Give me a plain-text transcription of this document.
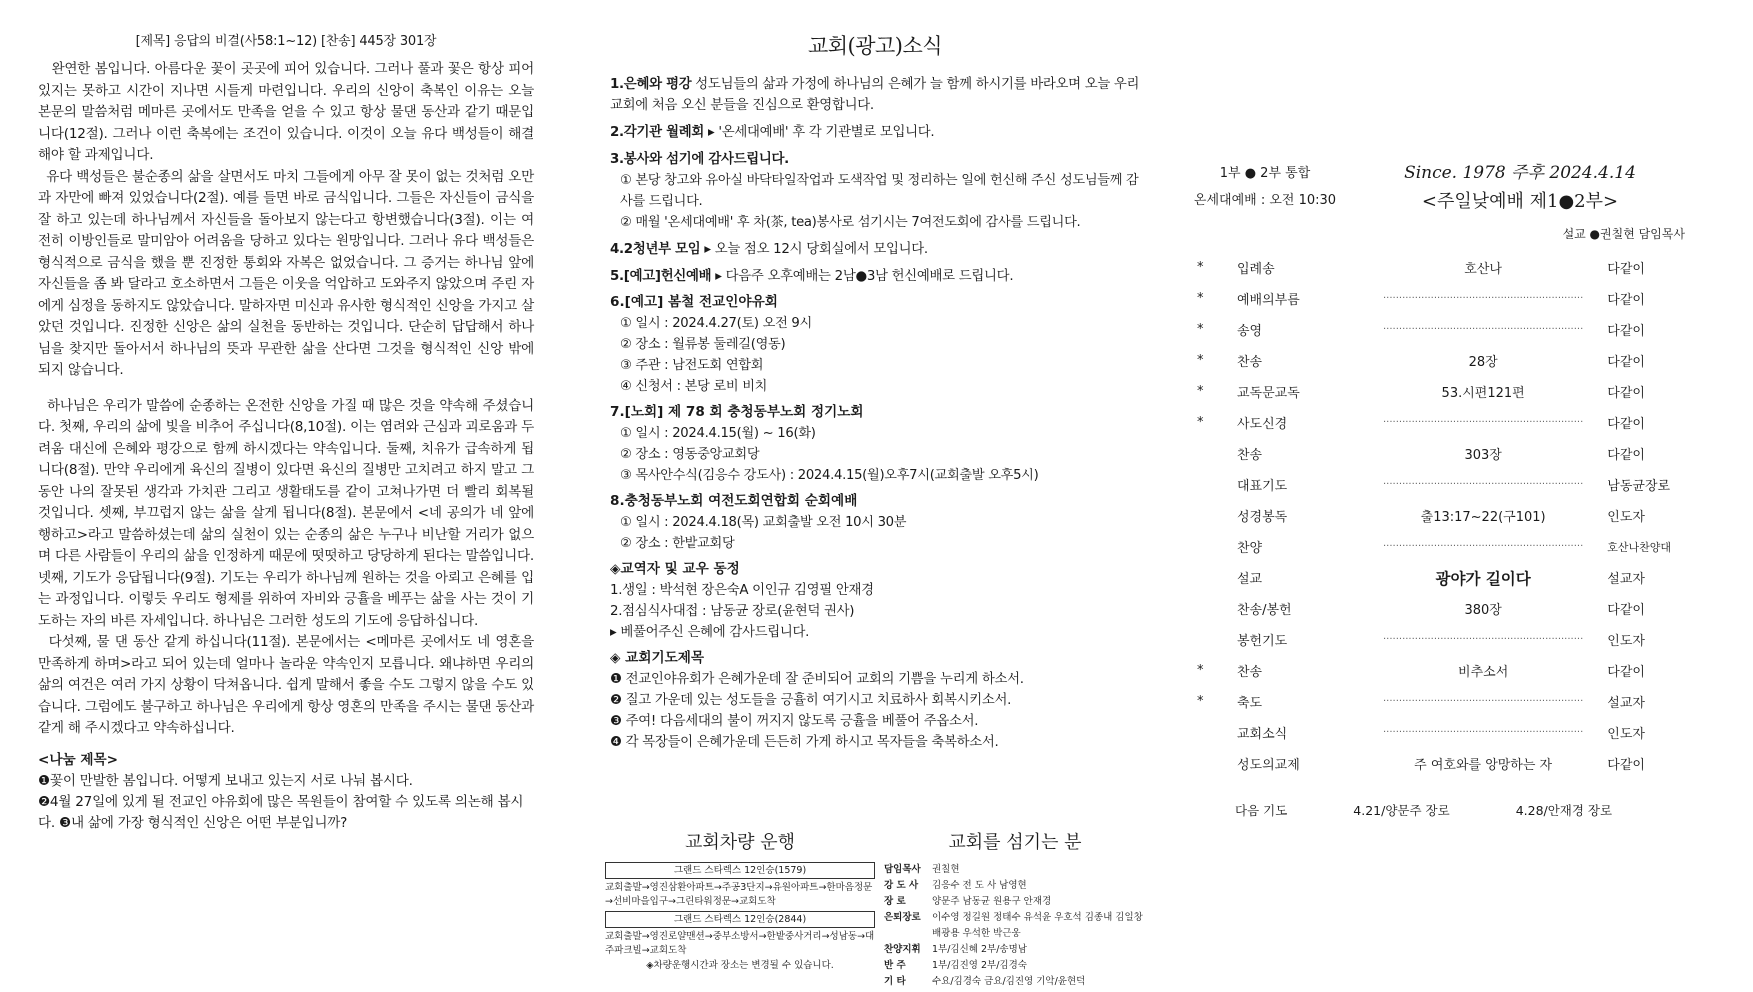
[제목] 응답의 비결(사58:1~12) [찬송] 445장 301장

완연한 봄입니다. 아름다운 꽃이 곳곳에 피어 있습니다. 그러나 풀과 꽃은 항상 피어 있지는 못하고 시간이 지나면 시들게 마련입니다. 우리의 신앙이 축복인 이유는 오늘 본문의 말씀처럼 메마른 곳에서도 만족을 얻을 수 있고 항상 물댄 동산과 같기 때문입니다(12절). 그러나 이런 축복에는 조건이 있습니다. 이것이 오늘 유다 백성들이 해결해야 할 과제입니다.

유다 백성들은 불순종의 삶을 살면서도 마치 그들에게 아무 잘 못이 없는 것처럼 오만과 자만에 빠져 있었습니다(2절). 예를 들면 바로 금식입니다. 그들은 자신들이 금식을 잘 하고 있는데 하나님께서 자신들을 돌아보지 않는다고 항변했습니다(3절). 이는 여전히 이방인들로 말미암아 어려움을 당하고 있다는 원망입니다. 그러나 유다 백성들은 형식적으로 금식을 했을 뿐 진정한 통회와 자복은 없었습니다. 그 증거는 하나님 앞에 자신들을 좀 봐 달라고 호소하면서 그들은 이웃을 억압하고 도와주지 않았으며 주린 자에게 심정을 동하지도 않았습니다. 말하자면 미신과 유사한 형식적인 신앙을 가지고 살았던 것입니다. 진정한 신앙은 삶의 실천을 동반하는 것입니다. 단순히 답답해서 하나님을 찾지만 돌아서서 하나님의 뜻과 무관한 삶을 산다면 그것을 형식적인 신앙 밖에 되지 않습니다.

하나님은 우리가 말씀에 순종하는 온전한 신앙을 가질 때 많은 것을 약속해 주셨습니다. 첫째, 우리의 삶에 빛을 비추어 주십니다(8,10절). 이는 염려와 근심과 괴로움과 두려움 대신에 은혜와 평강으로 함께 하시겠다는 약속입니다. 둘째, 치유가 급속하게 됩니다(8절). 만약 우리에게 육신의 질병이 있다면 육신의 질병만 고치려고 하지 말고 그 동안 나의 잘못된 생각과 가치관 그리고 생활태도를 같이 고쳐나가면 더 빨리 회복될 것입니다. 셋째, 부끄럽지 않는 삶을 살게 됩니다(8절). 본문에서 <네 공의가 네 앞에 행하고>라고 말씀하셨는데 삶의 실천이 있는 순종의 삶은 누구나 비난할 거리가 없으며 다른 사람들이 우리의 삶을 인정하게 때문에 떳떳하고 당당하게 된다는 말씀입니다. 넷째, 기도가 응답됩니다(9절). 기도는 우리가 하나님께 원하는 것을 아뢰고 은혜를 입는 과정입니다. 이렇듯 우리도 형제를 위하여 자비와 긍휼을 베푸는 삶을 사는 것이 기도하는 자의 바른 자세입니다. 하나님은 그러한 성도의 기도에 응답하십니다.

다섯째, 물 댄 동산 같게 하십니다(11절). 본문에서는 <메마른 곳에서도 네 영혼을 만족하게 하며>라고 되어 있는데 얼마나 놀라운 약속인지 모릅니다. 왜냐하면 우리의 삶의 여건은 여러 가지 상황이 닥쳐옵니다. 쉽게 말해서 좋을 수도 그렇지 않을 수도 있습니다. 그럼에도 불구하고 하나님은 우리에게 항상 영혼의 만족을 주시는 물댄 동산과 같게 해 주시겠다고 약속하십니다.

<나눔 제목>
❶꽃이 만발한 봄입니다. 어떻게 보내고 있는지 서로 나눠 봅시다.
❷4월 27일에 있게 될 전교인 야유회에 많은 목원들이 참여할 수 있도록 의논해 봅시다. ❸내 삶에 가장 형식적인 신앙은 어떤 부분입니까?
교회(광고)소식
1.은혜와 평강 성도님들의 삶과 가정에 하나님의 은혜가 늘 함께 하시기를 바라오며 오늘 우리교회에 처음 오신 분들을 진심으로 환영합니다.
2.각기관 월례회 ▸ '온세대예배' 후 각 기관별로 모입니다.
3.봉사와 섬기에 감사드립니다.
① 본당 창고와 유아실 바닥타일작업과 도색작업 및 정리하는 일에 헌신해 주신 성도님들께 감사를 드립니다.
② 매월 '온세대예배' 후 차(茶, tea)봉사로 섬기시는 7여전도회에 감사를 드립니다.
4.2청년부 모임 ▸ 오늘 점오 12시 당회실에서 모입니다.
5.[예고]헌신예배 ▸ 다음주 오후예배는 2남●3남 헌신예배로 드립니다.
6.[예고] 봄철 전교인야유회
① 일시 : 2024.4.27(토) 오전 9시
② 장소 : 월류봉 둘레길(영동)
③ 주관 : 남전도회 연합회
④ 신청서 : 본당 로비 비치
7.[노회] 제 78 회 충청동부노회 정기노회
① 일시 : 2024.4.15(월) ~ 16(화)
② 장소 : 영동중앙교회당
③ 목사안수식(김응수 강도사) : 2024.4.15(월)오후7시(교회출발 오후5시)
8.충청동부노회 여전도회연합회 순회예배
① 일시 : 2024.4.18(목) 교회출발 오전 10시 30분
② 장소 : 한밭교회당
◈교역자 및 교우 동정
1.생일 : 박석현 장은숙A 이인규 김영필 안재경
2.점심식사대접 : 남동균 장로(윤현덕 권사)
▸ 베풀어주신 은혜에 감사드립니다.
◈ 교회기도제목
❶ 전교인야유회가 은혜가운데 잘 준비되어 교회의 기쁨을 누리게 하소서.
❷ 질고 가운데 있는 성도들을 긍휼히 여기시고 치료하사 회복시키소서.
❸ 주여! 다음세대의 불이 꺼지지 않도록 긍휼을 베풀어 주옵소서.
❹ 각 목장들이 은혜가운데 든든히 가게 하시고 목자들을 축복하소서.
교회차량 운행
그랜드 스타렉스 12인승(1579)
교회출발→영진삼환아파트→주공3단지→유원아파트→한마음정문→선비마을입구→그린타워정문→교회도착
그랜드 스타렉스 12인승(2844)
교회출발→영진로얄맨션→중부소방서→한밭중사거리→성남동→대주파크빌→교회도착
◈차량운행시간과 장소는 변경될 수 있습니다.
교회를 섬기는 분
담임목사	권칠현
강 도 사	김응수 전 도 사 남영현
장 로	양문주 남동균 원용구 안재경
은퇴장로	이수영 정길원 정태수 유석윤 우호석 김종내 김일창 배광용 우석한 박근웅
찬양지휘	1부/김신혜 2부/송명남
반 주	1부/김진영 2부/김경숙
기 타	수요/김경숙 금요/김진영 기악/윤현덕
1부 ● 2부 통합
온세대예배 : 오전 10:30
Since. 1978 주후 2024.4.14
<주일낮예배 제1●2부>
설교 ●권칠현 담임목사
*	입례송	호산나	다같이
*	예배의부름	·······························································	다같이
*	송영	·······························································	다같이
*	찬송	28장	다같이
*	교독문교독	53.시편121편	다같이
*	사도신경	·······························································	다같이
	찬송	303장	다같이
	대표기도	·······························································	남동균장로
	성경봉독	출13:17~22(구101)	인도자
	찬양	·······························································	호산나찬양대
	설교	광야가 길이다	설교자
	찬송/봉헌	380장	다같이
	봉헌기도	·······························································	인도자
*	찬송	비추소서	다같이
*	축도	·······························································	설교자
	교회소식	·······························································	인도자
	성도의교제	주 여호와를 앙망하는 자	다같이
다음 기도	4.21/양문주 장로	4.28/안재경 장로
